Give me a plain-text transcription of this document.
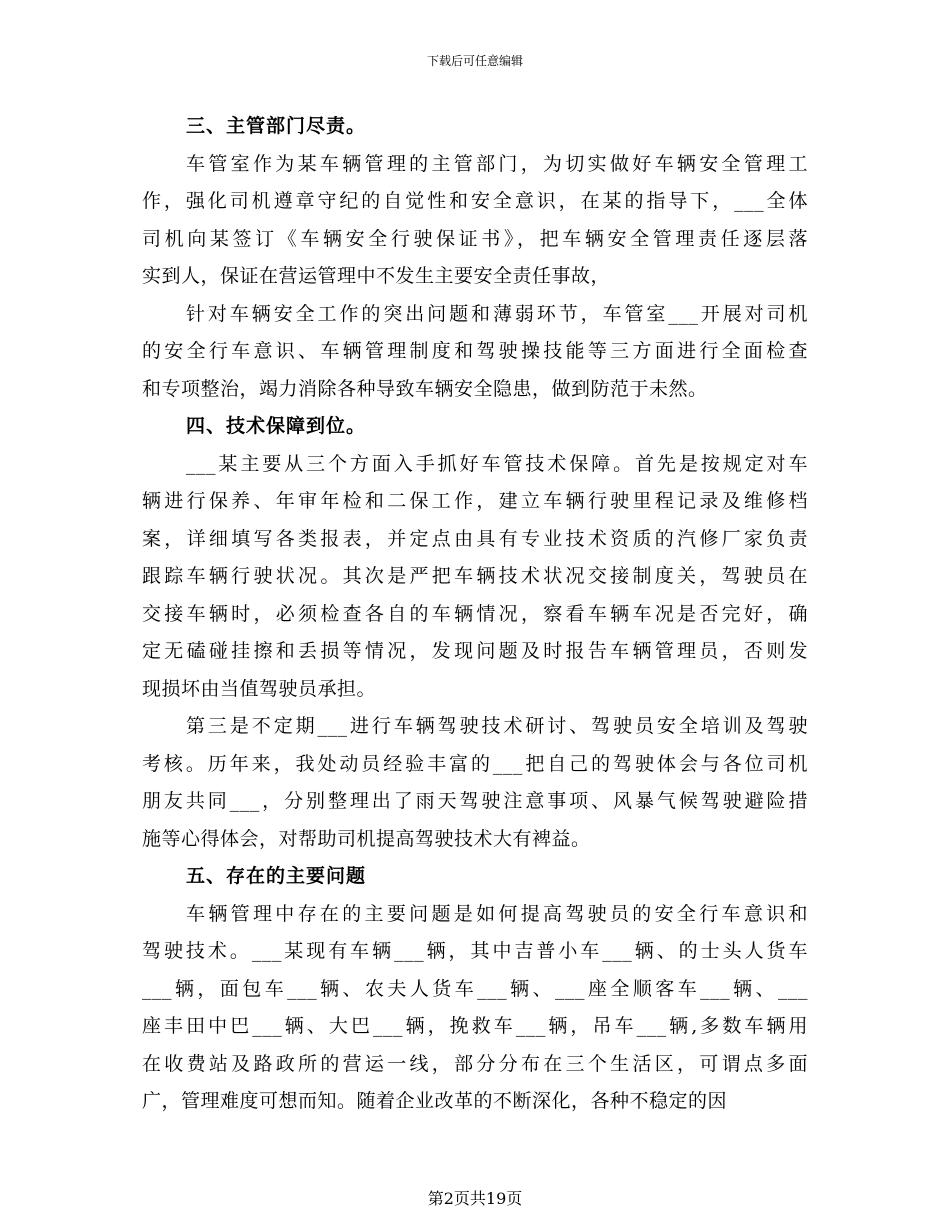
下载后可任意编辑
三、主管部门尽责。
车管室作为某车辆管理的主管部门，为切实做好车辆安全管理工
作，强化司机遵章守纪的自觉性和安全意识，在某的指导下，___全体
司机向某签订《车辆安全行驶保证书》，把车辆安全管理责任逐层落
实到人，保证在营运管理中不发生主要安全责任事故，
针对车辆安全工作的突出问题和薄弱环节，车管室___开展对司机
的安全行车意识、车辆管理制度和驾驶操技能等三方面进行全面检查
和专项整治，竭力消除各种导致车辆安全隐患，做到防范于未然。
四、技术保障到位。
___某主要从三个方面入手抓好车管技术保障。首先是按规定对车
辆进行保养、年审年检和二保工作，建立车辆行驶里程记录及维修档
案，详细填写各类报表，并定点由具有专业技术资质的汽修厂家负责
跟踪车辆行驶状况。其次是严把车辆技术状况交接制度关，驾驶员在
交接车辆时，必须检查各自的车辆情况，察看车辆车况是否完好，确
定无磕碰挂擦和丢损等情况，发现问题及时报告车辆管理员，否则发
现损坏由当值驾驶员承担。
第三是不定期___进行车辆驾驶技术研讨、驾驶员安全培训及驾驶
考核。历年来，我处动员经验丰富的___把自己的驾驶体会与各位司机
朋友共同___，分别整理出了雨天驾驶注意事项、风暴气候驾驶避险措
施等心得体会，对帮助司机提高驾驶技术大有裨益。
五、存在的主要问题
车辆管理中存在的主要问题是如何提高驾驶员的安全行车意识和
驾驶技术。___某现有车辆___辆，其中吉普小车___辆、的士头人货车
___辆，面包车___辆、农夫人货车___辆、___座全顺客车___辆、___
座丰田中巴___辆、大巴___辆，挽救车___辆，吊车___辆,多数车辆用
在收费站及路政所的营运一线，部分分布在三个生活区，可谓点多面
广，管理难度可想而知。随着企业改革的不断深化，各种不稳定的因
第2页共19页
